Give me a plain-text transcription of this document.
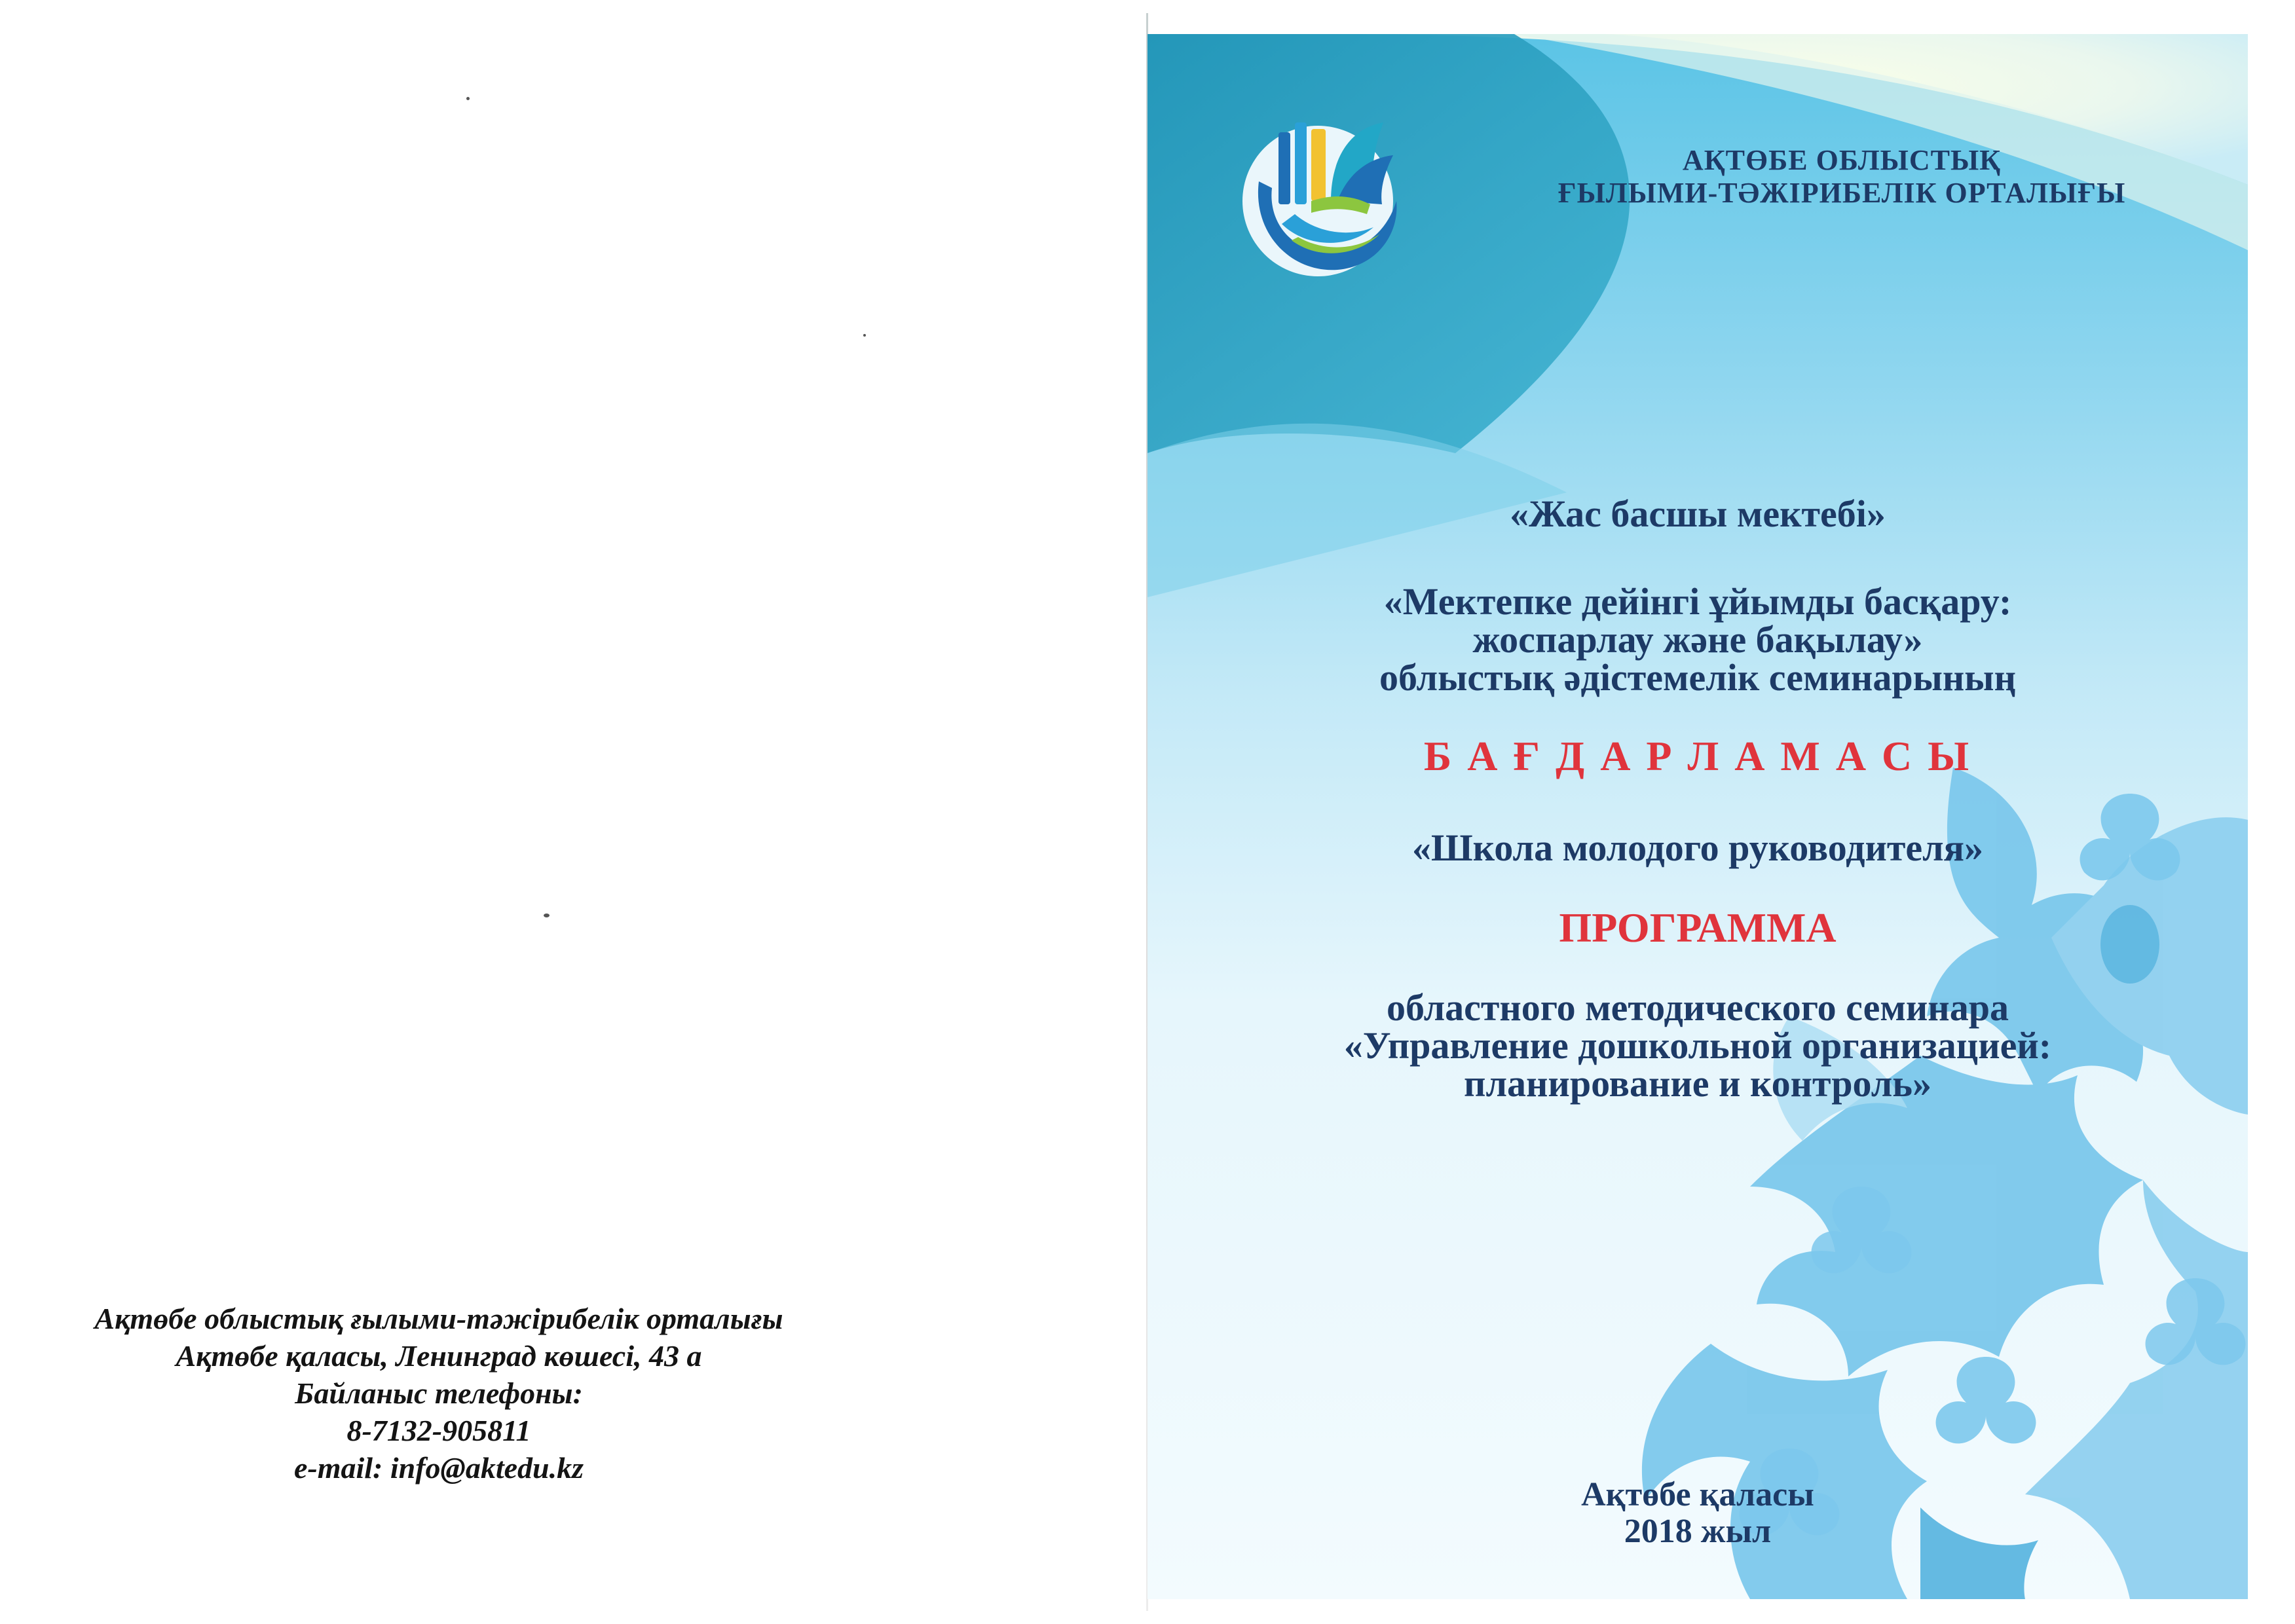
Ақтөбе облыстық ғылыми-тәжірибелік орталығы
Ақтөбе қаласы, Ленинград көшесі, 43 а
Байланыс телефоны:
8-7132-905811
e-mail: info@aktedu.kz
АҚТӨБЕ ОБЛЫСТЫҚ
ҒЫЛЫМИ-ТӘЖІРИБЕЛІК ОРТАЛЫҒЫ
«Жас басшы мектебі»
«Мектепке дейінгі ұйымды басқару:
жоспарлау және бақылау»
облыстық әдістемелік семинарының
Б А Ғ Д А Р Л А М А С Ы
«Школа молодого руководителя»
ПРОГРАММА
областного методического семинара
«Управление дошкольной организацией:
планирование и контроль»
Ақтөбе қаласы
2018 жыл
